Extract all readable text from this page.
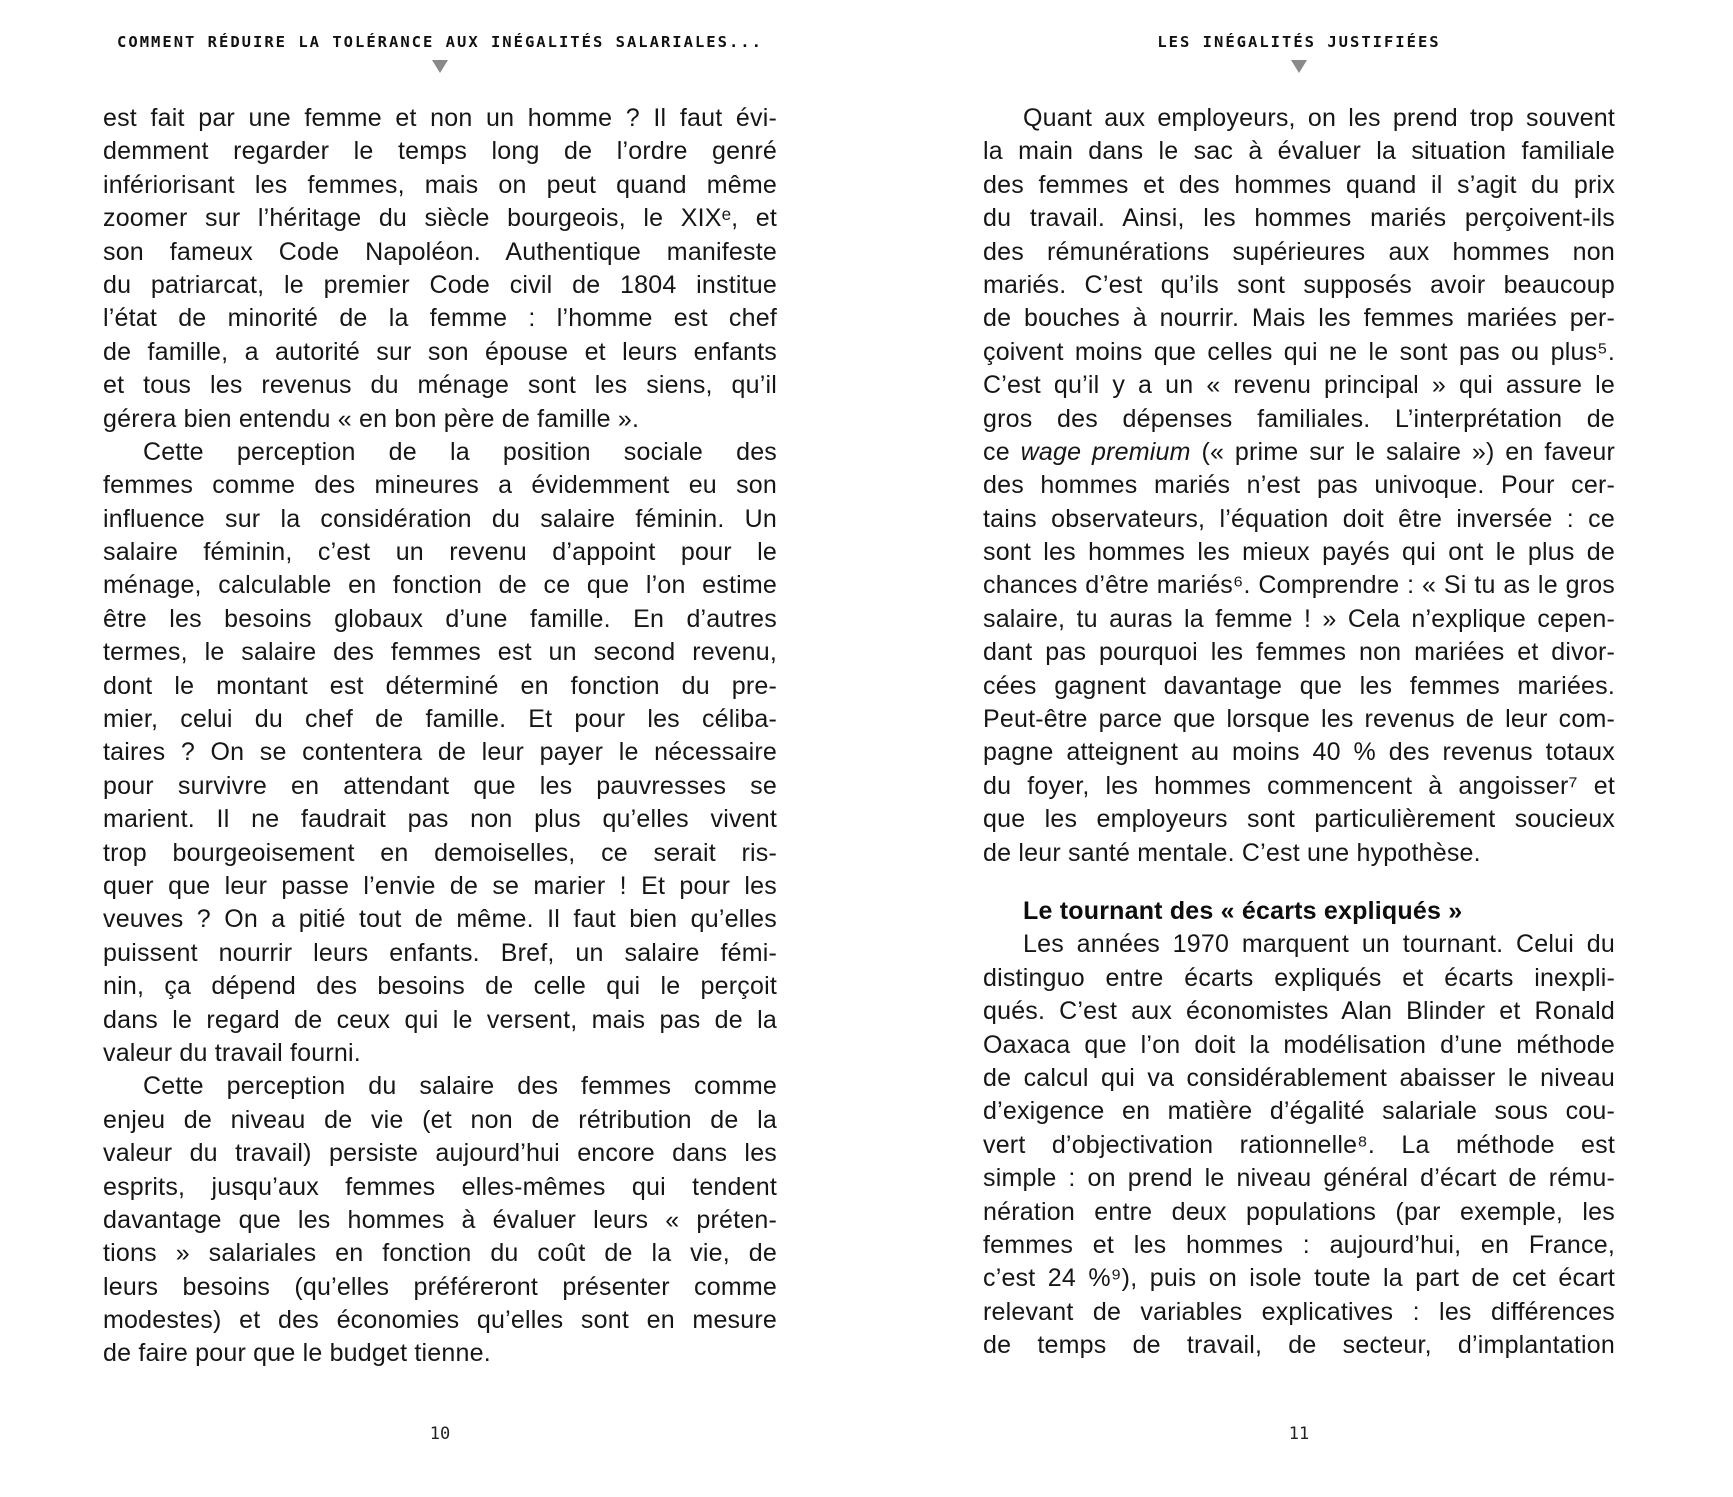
COMMENT RÉDUIRE LA TOLÉRANCE AUX INÉGALITÉS SALARIALES...
est fait par une femme et non un homme ? Il faut évi-
demment regarder le temps long de l’ordre genré
infériorisant les femmes, mais on peut quand même
zoomer sur l’héritage du siècle bourgeois, le XIXᵉ, et
son fameux Code Napoléon. Authentique manifeste
du patriarcat, le premier Code civil de 1804 institue
l’état de minorité de la femme : l’homme est chef
de famille, a autorité sur son épouse et leurs enfants
et tous les revenus du ménage sont les siens, qu’il
gérera bien entendu « en bon père de famille ».
Cette perception de la position sociale des
femmes comme des mineures a évidemment eu son
influence sur la considération du salaire féminin. Un
salaire féminin, c’est un revenu d’appoint pour le
ménage, calculable en fonction de ce que l’on estime
être les besoins globaux d’une famille. En d’autres
termes, le salaire des femmes est un second revenu,
dont le montant est déterminé en fonction du pre-
mier, celui du chef de famille. Et pour les céliba-
taires ? On se contentera de leur payer le nécessaire
pour survivre en attendant que les pauvresses se
marient. Il ne faudrait pas non plus qu’elles vivent
trop bourgeoisement en demoiselles, ce serait ris-
quer que leur passe l’envie de se marier ! Et pour les
veuves ? On a pitié tout de même. Il faut bien qu’elles
puissent nourrir leurs enfants. Bref, un salaire fémi-
nin, ça dépend des besoins de celle qui le perçoit
dans le regard de ceux qui le versent, mais pas de la
valeur du travail fourni.
Cette perception du salaire des femmes comme
enjeu de niveau de vie (et non de rétribution de la
valeur du travail) persiste aujourd’hui encore dans les
esprits, jusqu’aux femmes elles-mêmes qui tendent
davantage que les hommes à évaluer leurs « préten-
tions » salariales en fonction du coût de la vie, de
leurs besoins (qu’elles préféreront présenter comme
modestes) et des économies qu’elles sont en mesure
de faire pour que le budget tienne.
10
LES INÉGALITÉS JUSTIFIÉES
Quant aux employeurs, on les prend trop souvent
la main dans le sac à évaluer la situation familiale
des femmes et des hommes quand il s’agit du prix
du travail. Ainsi, les hommes mariés perçoivent-ils
des rémunérations supérieures aux hommes non
mariés. C’est qu’ils sont supposés avoir beaucoup
de bouches à nourrir. Mais les femmes mariées per-
çoivent moins que celles qui ne le sont pas ou plus⁵.
C’est qu’il y a un « revenu principal » qui assure le
gros des dépenses familiales. L’interprétation de
ce wage premium (« prime sur le salaire ») en faveur
des hommes mariés n’est pas univoque. Pour cer-
tains observateurs, l’équation doit être inversée : ce
sont les hommes les mieux payés qui ont le plus de
chances d’être mariés⁶. Comprendre : « Si tu as le gros
salaire, tu auras la femme ! » Cela n’explique cepen-
dant pas pourquoi les femmes non mariées et divor-
cées gagnent davantage que les femmes mariées.
Peut-être parce que lorsque les revenus de leur com-
pagne atteignent au moins 40 % des revenus totaux
du foyer, les hommes commencent à angoisser⁷ et
que les employeurs sont particulièrement soucieux
de leur santé mentale. C’est une hypothèse.
Le tournant des « écarts expliqués »
Les années 1970 marquent un tournant. Celui du
distinguo entre écarts expliqués et écarts inexpli-
qués. C’est aux économistes Alan Blinder et Ronald
Oaxaca que l’on doit la modélisation d’une méthode
de calcul qui va considérablement abaisser le niveau
d’exigence en matière d’égalité salariale sous cou-
vert d’objectivation rationnelle⁸. La méthode est
simple : on prend le niveau général d’écart de rému-
nération entre deux populations (par exemple, les
femmes et les hommes : aujourd’hui, en France,
c’est 24 %⁹), puis on isole toute la part de cet écart
relevant de variables explicatives : les différences
de temps de travail, de secteur, d’implantation
11
